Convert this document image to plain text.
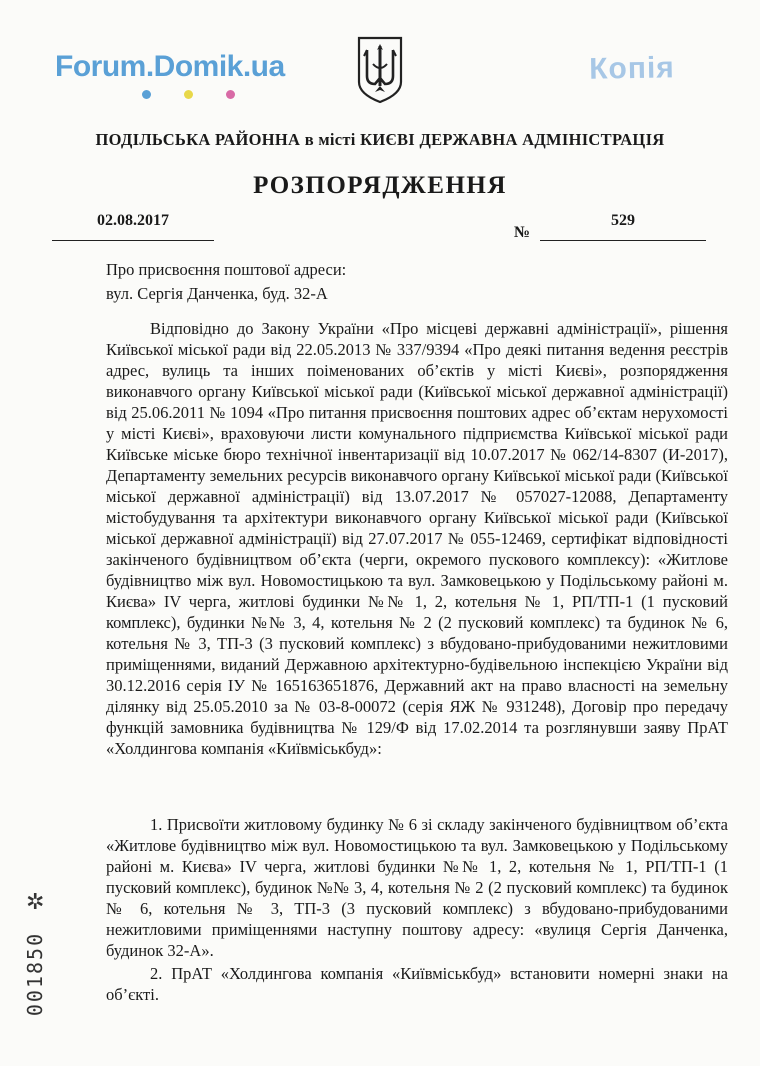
Forum.Domik.ua	Копія
ПОДІЛЬСЬКА РАЙОННА в місті КИЄВІ ДЕРЖАВНА АДМІНІСТРАЦІЯ
РОЗПОРЯДЖЕННЯ
02.08.2017
№
529
Про присвоєння поштової адреси:
вул. Сергія Данченка, буд. 32-А

Відповідно до Закону України «Про місцеві державні адміністрації», рішення Київської міської ради від 22.05.2013 № 337/9394 «Про деякі питання ведення реєстрів адрес, вулиць та інших поіменованих об’єктів у місті Києві», розпорядження виконавчого органу Київської міської ради (Київської міської державної адміністрації) від 25.06.2011 № 1094 «Про питання присвоєння поштових адрес об’єктам нерухомості у місті Києві», враховуючи листи комунального підприємства Київської міської ради Київське міське бюро технічної інвентаризації від 10.07.2017 № 062/14-8307 (И-2017), Департаменту земельних ресурсів виконавчого органу Київської міської ради (Київської міської державної адміністрації) від 13.07.2017 № 057027-12088, Департаменту містобудування та архітектури виконавчого органу Київської міської ради (Київської міської державної адміністрації) від 27.07.2017 № 055-12469, сертифікат відповідності закінченого будівництвом об’єкта (черги, окремого пускового комплексу): «Житлове будівництво між вул. Новомостицькою та вул. Замковецькою у Подільському районі м. Києва» IV черга, житлові будинки №№ 1, 2, котельня № 1, РП/ТП-1 (1 пусковий комплекс), будинки №№ 3, 4, котельня № 2 (2 пусковий комплекс) та будинок № 6, котельня № 3, ТП-3 (3 пусковий комплекс) з вбудовано-прибудованими нежитловими приміщеннями, виданий Державною архітектурно-будівельною інспекцією України від 30.12.2016 серія ІУ № 165163651876, Державний акт на право власності на земельну ділянку від 25.05.2010 за № 03-8-00072 (серія ЯЖ № 931248), Договір про передачу функцій замовника будівництва № 129/Ф від 17.02.2014 та розглянувши заяву ПрАТ «Холдингова компанія «Київміськбуд»:

1. Присвоїти житловому будинку № 6 зі складу закінченого будівництвом об’єкта «Житлове будівництво між вул. Новомостицькою та вул. Замковецькою у Подільському районі м. Києва» IV черга, житлові будинки №№ 1, 2, котельня № 1, РП/ТП-1 (1 пусковий комплекс), будинок №№ 3, 4, котельня № 2 (2 пусковий комплекс) та будинок № 6, котельня № 3, ТП-3 (3 пусковий комплекс) з вбудовано-прибудованими нежитловими приміщеннями наступну поштову адресу: «вулиця Сергія Данченка, будинок 32-А».

2. ПрАТ «Холдингова компанія «Київміськбуд» встановити номерні знаки на об’єкті.

✲
001850
